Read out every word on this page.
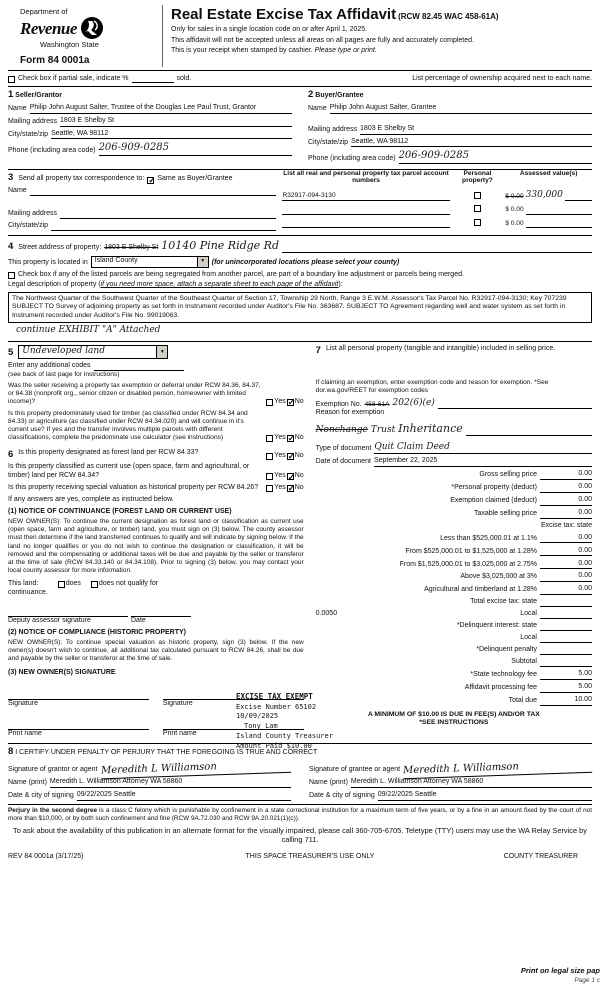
Department of
Revenue
Washington State
Form 84 0001a
Real Estate Excise Tax Affidavit (RCW 82.45 WAC 458-61A)
Only for sales in a single location code on or after April 1, 2025.
This affidavit will not be accepted unless all areas on all pages are fully and accurately completed.
This is your receipt when stamped by cashier. Please type or print.
Check box if partial sale, indicate %	sold.	List percentage of ownership acquired next to each name.
1 Seller/Grantor
Name Philip John August Salter, Trustee of the Douglas Lee Paul Trust, Grantor
Mailing address 1803 E Shelby St
City/state/zip Seattle, WA 98112
Phone (including area code) 206-909-0285
2 Buyer/Grantee
Name Philip John August Salter, Grantee
Mailing address 1803 E Shelby St
City/state/zip Seattle, WA 98112
Phone (including area code) 206-909-0285
3 Send all property tax correspondence to: ✓ Same as Buyer/Grantee
Name
Mailing address
City/state/zip
List all real and personal property tax parcel account numbers
Personal property?
Assessed value(s)
R32917-094-3130	$ 0.00 330,000
$ 0.00
$ 0.00
4 Street address of property: 1803 E Shelby St 10140 Pine Ridge Rd
This property is located in	Island County	▼ (for unincorporated locations please select your county)
Check box if any of the listed parcels are being segregated from another parcel, are part of a boundary line adjustment or parcels being merged.
Legal description of property (if you need more space, attach a separate sheet to each page of the affidavit):
The Northwest Quarter of the Southwest Quarter of the Southeast Quarter of Section 17, Township 29 North, Range 3 E.W.M. Assessor's Tax Parcel No. R32917-094-3130; Key 707239 SUBJECT TO Survey of adjoining property as set forth in Instrument recorded under Auditor's File No. 363687. SUBJECT TO Agreement regarding well and water system as set forth in Instrument recorded under Auditor's File No. 99019063.
continue EXHIBIT "A" Attached
5	Undeveloped land	▼
Enter any additional codes
(see back of last page for instructions)
Was the seller receiving a property tax exemption or deferral under RCW 84.36, 84.37, or 84.38 (nonprofit org., senior citizen or disabled person, homeowner with limited income)?	Yes ✓ No
Is this property predominately used for timber (as classified under RCW 84.34 and 84.33) or agriculture (as classified under RCW 84.34.020) and will continue in it's current use? If yes and the transfer involves multiple parcels with different classifications, complete the predominate use calculator (see instructions)	Yes ✓ No
6 Is this property designated as forest land per RCW 84.33?	Yes ✓ No
Is this property classified as current use (open space, farm and agricultural, or timber) land per RCW 84.34?	Yes ✓ No
Is this property receiving special valuation as historical property per RCW 84.26?	Yes ✓ No
If any answers are yes, complete as instructed below.
(1) NOTICE OF CONTINUANCE (FOREST LAND OR CURRENT USE)
NEW OWNER(S): To continue the current designation as forest land or classification as current use (open space, farm and agriculture, or timber) land, you must sign on (3) below. The county assessor must then determine if the land transferred continues to qualify and will indicate by signing below. If the land no longer qualifies or you do not wish to continue the designation or classification, it will be removed and the compensating or additional taxes will be due and payable by the seller or transferor at the time of sale (RCW 84.33.140 or 84.34.108). Prior to signing (3) below, you may contact your local county assessor for more information.
This land:
continuance.
does	does not qualify for
Deputy assessor signature	Date
(2) NOTICE OF COMPLIANCE (HISTORIC PROPERTY)
NEW OWNER(S): To continue special valuation as historic property, sign (3) below. If the new owner(s) doesn't wish to continue, all additional tax calculated pursuant to RCW 84.26, shall be due and payable by the seller or transferor at the time of sale.
(3) NEW OWNER(S) SIGNATURE
Signature	Signature
Print name	Print name
7 List all personal property (tangible and intangible) included in selling price.
If claiming an exemption, enter exemption code and reason for exemption. *See dor.wa.gov/REET for exemption codes
Exemption No. 458-61A 202(6)(e)
Reason for exemption
Nonchange Trust Inheritance
Type of document Quit Claim Deed
Date of document September 22, 2025
Gross selling price	0.00
*Personal property (deduct)	0.00
Exemption claimed (deduct)	0.00
Taxable selling price	0.00
Excise tax: state
Less than $525,000.01 at 1.1%	0.00
From $525,000.01 to $1,525,000 at 1.28%	0.00
From $1,525,000.01 to $3,025,000 at 2.75%	0.00
Above $3,025,000 at 3%	0.00
Agricultural and timberland at 1.28%	0.00
Total excise tax: state
0.0050	Local
*Delinquent interest: state
Local
*Delinquent penalty
Subtotal
*State technology fee	5.00
Affidavit processing fee	5.00
Total due	10.00
A MINIMUM OF $10.00 IS DUE IN FEE(S) AND/OR TAX
*SEE INSTRUCTIONS
EXCISE TAX EXEMPT
Excise Number 65102
10/09/2025
Tony Lam
Island County Treasurer
Amount Paid $10.00
8 I CERTIFY UNDER PENALTY OF PERJURY THAT THE FOREGOING IS TRUE AND CORRECT
Signature of grantor or agent Meredith L Williamson
Name (print) Meredith L. Williamson Attorney WA 58860
Date & city of signing 09/22/2025 Seattle
Signature of grantee or agent Meredith L Williamson
Name (print) Meredith L. Williamson Attorney WA 58860
Date & city of signing 09/22/2025 Seattle
Perjury in the second degree is a class C felony which is punishable by confinement in a state correctional institution for a maximum term of five years, or by a fine in an amount fixed by the court of not more than $10,000, or by both such confinement and fine (RCW 9A.72.030 and RCW 9A.20.021(1)(c)).
To ask about the availability of this publication in an alternate format for the visually impaired, please call 360-705-6705. Teletype (TTY) users may use the WA Relay Service by calling 711.
REV 84 0001a (3/17/25)	THIS SPACE TREASURER'S USE ONLY	COUNTY TREASURER
Print on legal size pap
Page 1 c
